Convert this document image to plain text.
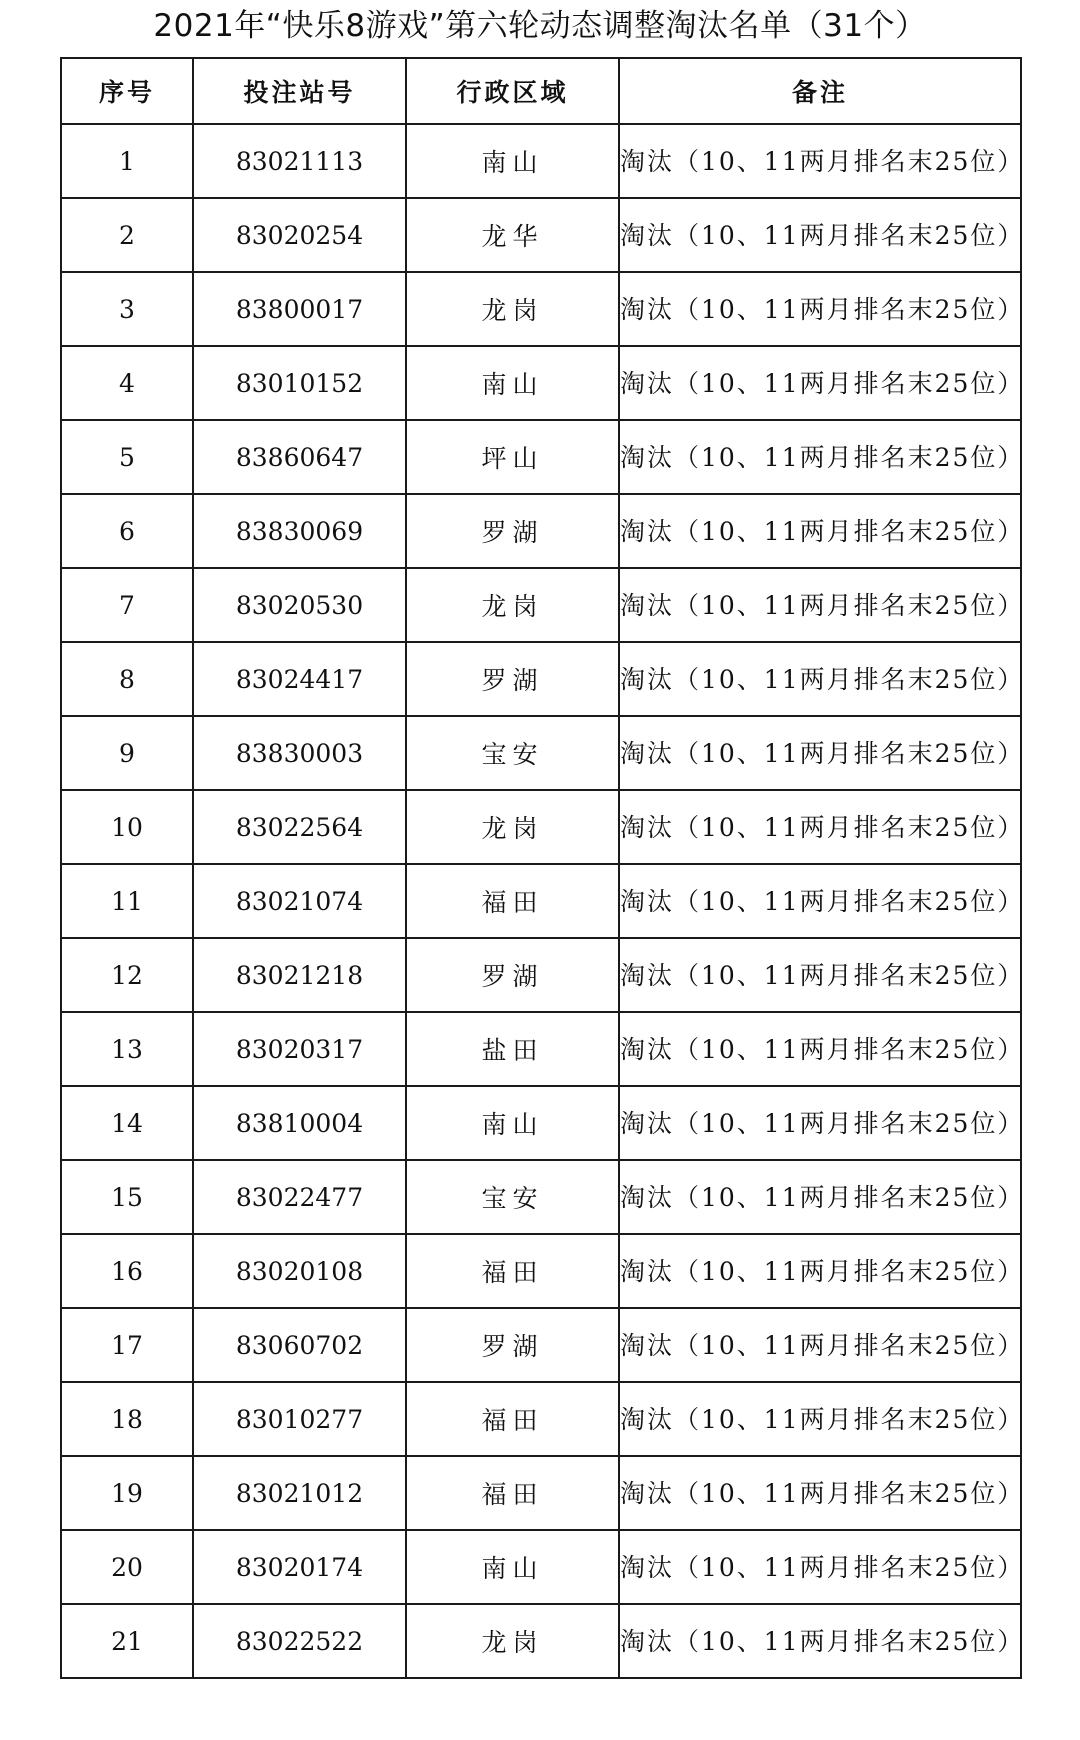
2021年“快乐8游戏”第六轮动态调整淘汰名单（31个）
序号	投注站号	行政区域	备注
1	83021113	南山	淘汰（10、11两月排名末25位）
2	83020254	龙华	淘汰（10、11两月排名末25位）
3	83800017	龙岗	淘汰（10、11两月排名末25位）
4	83010152	南山	淘汰（10、11两月排名末25位）
5	83860647	坪山	淘汰（10、11两月排名末25位）
6	83830069	罗湖	淘汰（10、11两月排名末25位）
7	83020530	龙岗	淘汰（10、11两月排名末25位）
8	83024417	罗湖	淘汰（10、11两月排名末25位）
9	83830003	宝安	淘汰（10、11两月排名末25位）
10	83022564	龙岗	淘汰（10、11两月排名末25位）
11	83021074	福田	淘汰（10、11两月排名末25位）
12	83021218	罗湖	淘汰（10、11两月排名末25位）
13	83020317	盐田	淘汰（10、11两月排名末25位）
14	83810004	南山	淘汰（10、11两月排名末25位）
15	83022477	宝安	淘汰（10、11两月排名末25位）
16	83020108	福田	淘汰（10、11两月排名末25位）
17	83060702	罗湖	淘汰（10、11两月排名末25位）
18	83010277	福田	淘汰（10、11两月排名末25位）
19	83021012	福田	淘汰（10、11两月排名末25位）
20	83020174	南山	淘汰（10、11两月排名末25位）
21	83022522	龙岗	淘汰（10、11两月排名末25位）
